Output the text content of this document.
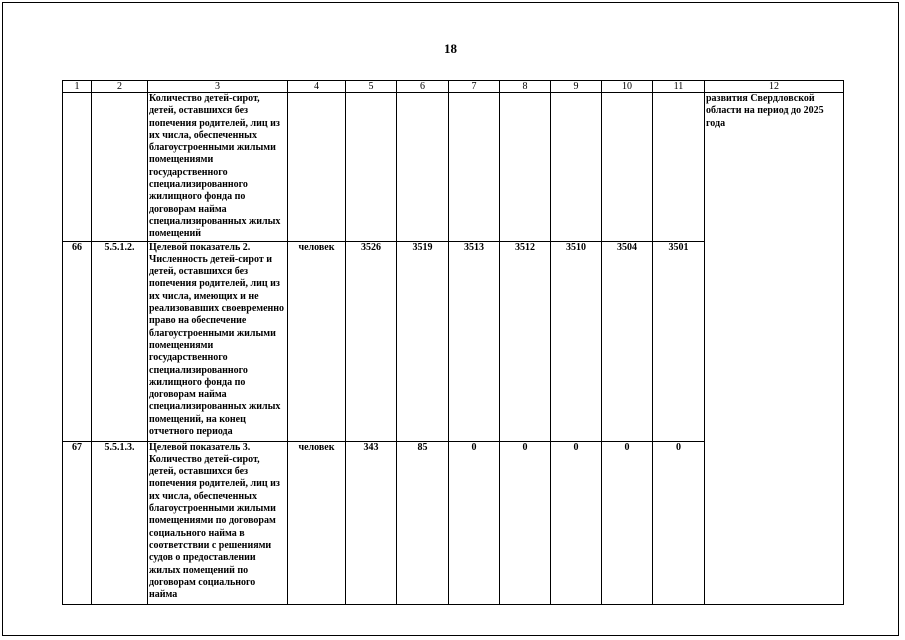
18
1	2	3	4	5	6	7	8	9	10	11	12
		Количество детей-сирот, детей, оставшихся без попечения родителей, лиц из их числа, обеспеченных благоустроенными жилыми помещениями государственного специализированного жилищного фонда по договорам найма специализированных жилых помещений									развития Свердловской области на период до 2025 года
66	5.5.1.2.	Целевой показатель 2. Численность детей-сирот и детей, оставшихся без попечения родителей, лиц из их числа, имеющих и не реализовавших своевременно право на обеспечение благоустроенными жилыми помещениями государственного специализированного жилищного фонда по договорам найма специализированных жилых помещений, на конец отчетного периода	человек	3526	3519	3513	3512	3510	3504	3501	
67	5.5.1.3.	Целевой показатель 3. Количество детей-сирот, детей, оставшихся без попечения родителей, лиц из их числа, обеспеченных благоустроенными жилыми помещениями по договорам социального найма в соответствии с решениями судов о предоставлении жилых помещений по договорам социального найма	человек	343	85	0	0	0	0	0	
